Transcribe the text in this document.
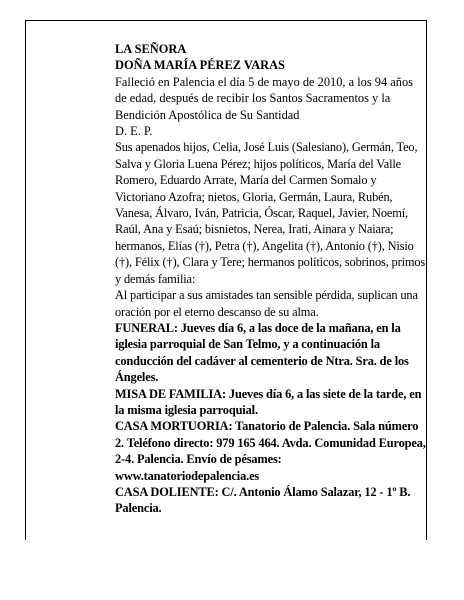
LA SEÑORA

DOÑA MARÍA PÉREZ VARAS

Falleció en Palencia el día 5 de mayo de 2010, a los 94 años de edad, después de recibir los Santos Sacramentos y la Bendición Apostólica de Su Santidad

D. E. P.

Sus apenados hijos, Celia, José Luis (Salesiano), Germán, Teo, Salva y Gloria Luena Pérez; hijos políticos, María del Valle Romero, Eduardo Arrate, María del Carmen Somalo y Victoriano Azofra; nietos, Gloria, Germán, Laura, Rubén, Vanesa, Álvaro, Iván, Patricia, Óscar, Raquel, Javier, Noemí, Raúl, Ana y Esaú; bisnietos, Nerea, Irati, Ainara y Naiara; hermanos, Elías (†), Petra (†), Angelita (†), Antonio (†), Nisio (†), Félix (†), Clara y Tere; hermanos políticos, sobrinos, primos y demás familia:

Al participar a sus amistades tan sensible pérdida, suplican una oración por el eterno descanso de su alma.

FUNERAL: Jueves día 6, a las doce de la mañana, en la iglesia parroquial de San Telmo, y a continuación la conducción del cadáver al cementerio de Ntra. Sra. de los Ángeles.

MISA DE FAMILIA: Jueves día 6, a las siete de la tarde, en la misma iglesia parroquial.

CASA MORTUORIA: Tanatorio de Palencia. Sala número 2. Teléfono directo: 979 165 464. Avda. Comunidad Europea, 2-4. Palencia. Envío de pésames: www.tanatoriodepalencia.es

CASA DOLIENTE: C/. Antonio Álamo Salazar, 12 - 1º B. Palencia.
